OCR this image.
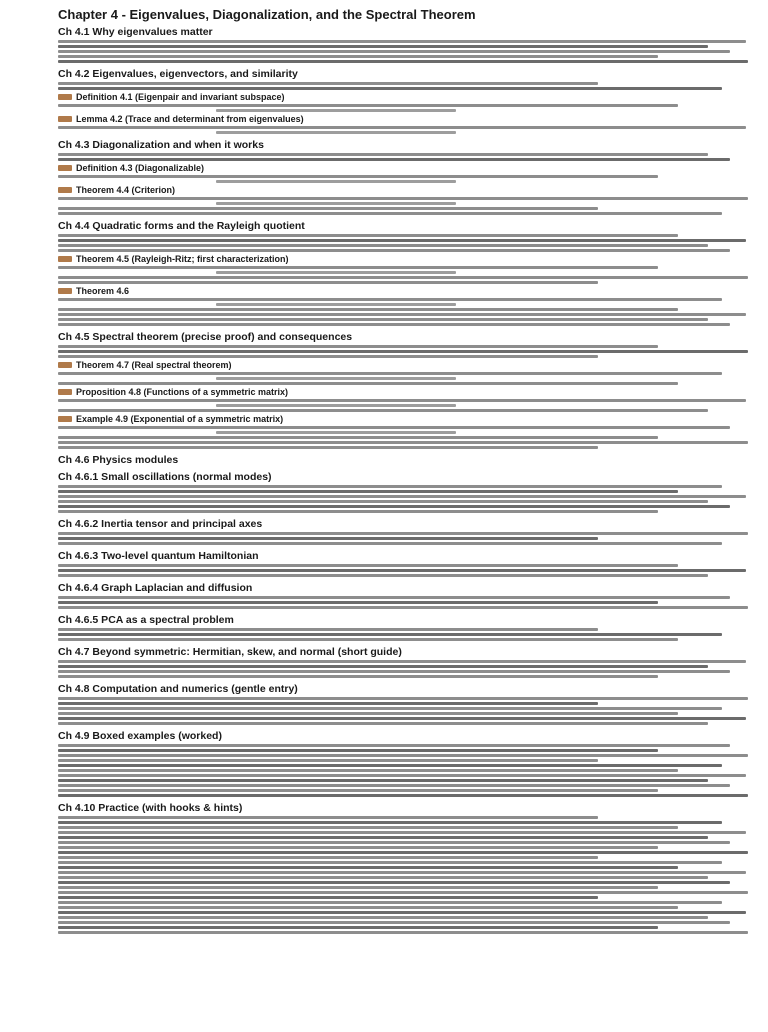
Chapter 4 - Eigenvalues, Diagonalization, and the Spectral Theorem
Ch 4.1 Why eigenvalues matter
Ch 4.2 Eigenvalues, eigenvectors, and similarity
Definition 4.1 (Eigenpair and invariant subspace)
Lemma 4.2 (Trace and determinant from eigenvalues)
Ch 4.3 Diagonalization and when it works
Definition 4.3 (Diagonalizable)
Theorem 4.4 (Criterion)
Ch 4.4 Quadratic forms and the Rayleigh quotient
Theorem 4.5 (Rayleigh-Ritz; first characterization)
Theorem 4.6
Ch 4.5 Spectral theorem (precise proof) and consequences
Theorem 4.7 (Real spectral theorem)
Proposition 4.8 (Functions of a symmetric matrix)
Example 4.9 (Exponential of a symmetric matrix)
Ch 4.6 Physics modules
Ch 4.6.1 Small oscillations (normal modes)
Ch 4.6.2 Inertia tensor and principal axes
Ch 4.6.3 Two-level quantum Hamiltonian
Ch 4.6.4 Graph Laplacian and diffusion
Ch 4.6.5 PCA as a spectral problem
Ch 4.7 Beyond symmetric: Hermitian, skew, and normal (short guide)
Ch 4.8 Computation and numerics (gentle entry)
Ch 4.9 Boxed examples (worked)
Ch 4.10 Practice (with hooks & hints)
